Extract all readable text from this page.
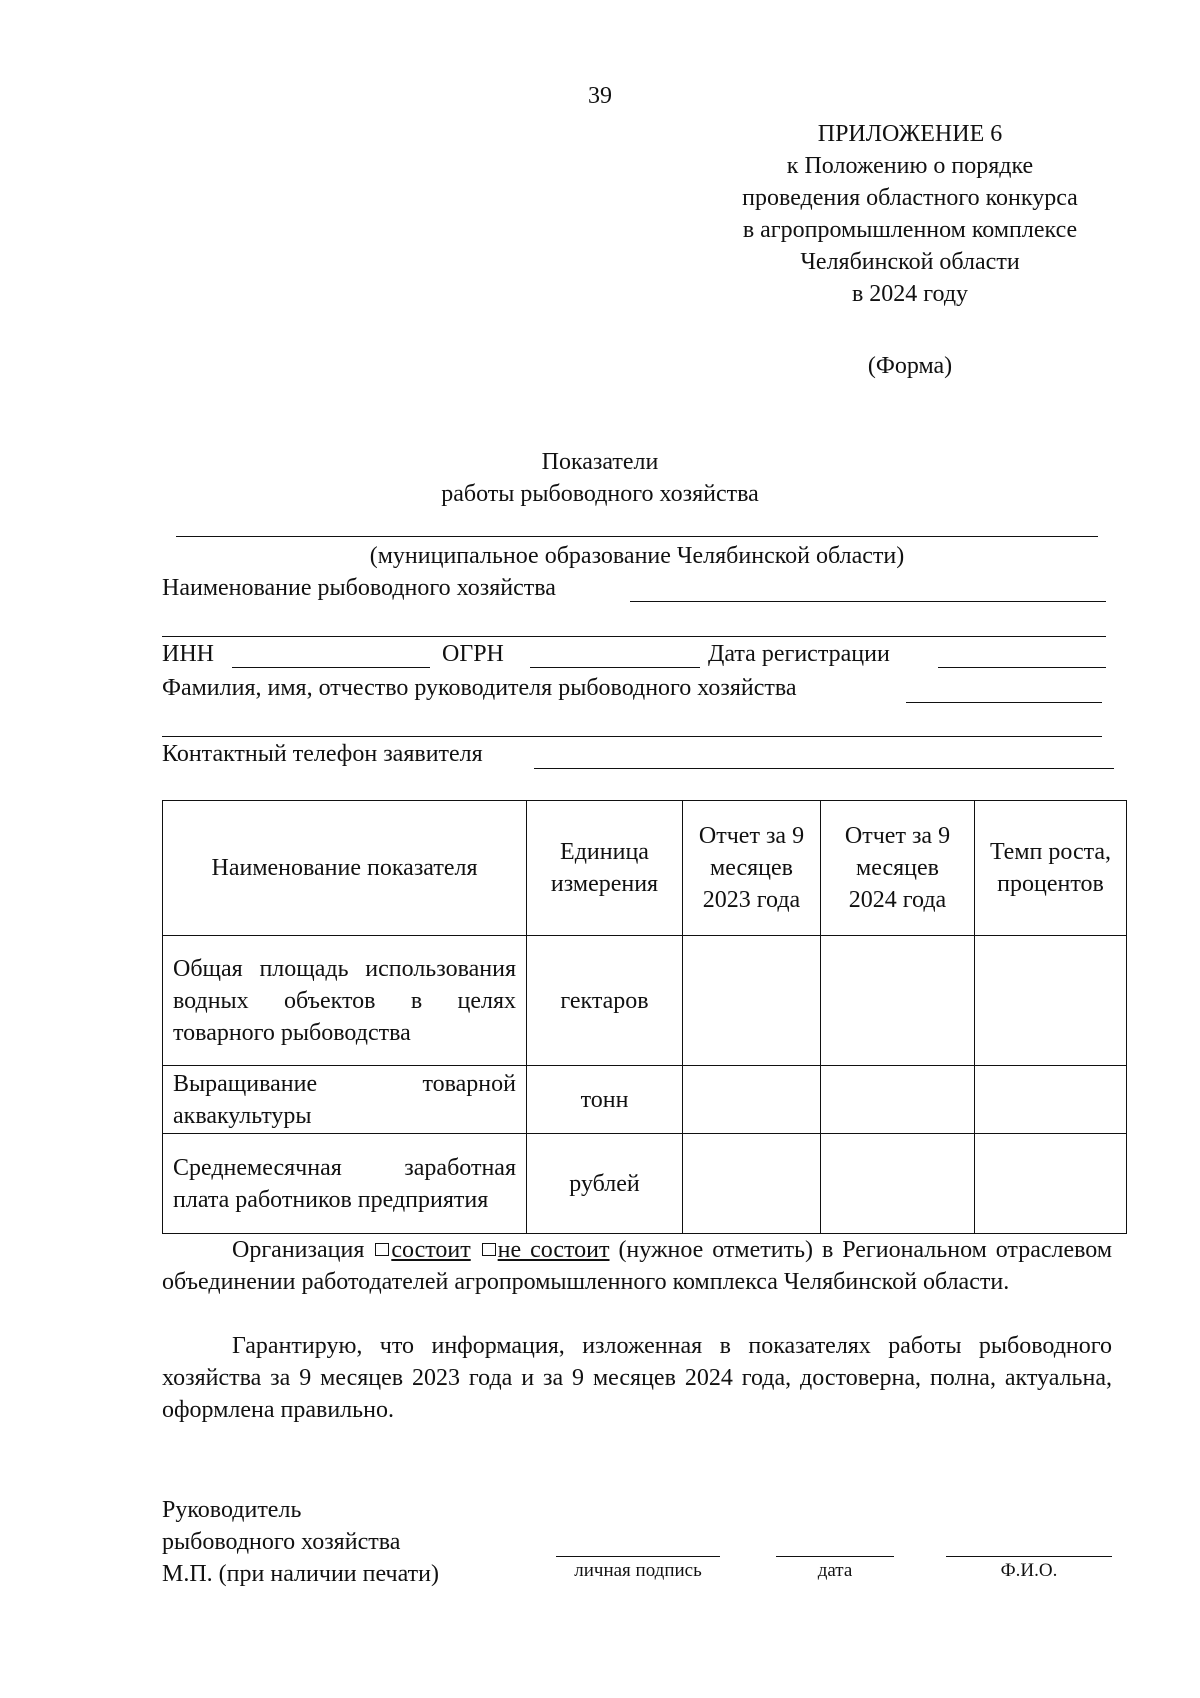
39
ПРИЛОЖЕНИЕ 6
к Положению о порядке
проведения областного конкурса
в агропромышленном комплексе
Челябинской области
в 2024 году
(Форма)
Показатели
работы рыбоводного хозяйства
(муниципальное образование Челябинской области)
Наименование рыбоводного хозяйства
ИНН	ОГРН	Дата регистрации
Фамилия, имя, отчество руководителя рыбоводного хозяйства
Контактный телефон заявителя
Наименование показателя	Единица измерения	Отчет за 9 месяцев 2023 года	Отчет за 9 месяцев 2024 года	Темп роста, процентов
Общая площадь использования водных объектов в целях товарного рыбоводства	гектаров			
Выращивание товарной аквакультуры	тонн			
Среднемесячная заработная плата работников предприятия	рублей			
Организация состоит не состоит (нужное отметить) в Региональном отраслевом объединении работодателей агропромышленного комплекса Челябинской области.
Гарантирую, что информация, изложенная в показателях работы рыбоводного хозяйства за 9 месяцев 2023 года и за 9 месяцев 2024 года, достоверна, полна, актуальна, оформлена правильно.
Руководитель
рыбоводного хозяйства
М.П. (при наличии печати)	личная подпись	дата	Ф.И.О.
